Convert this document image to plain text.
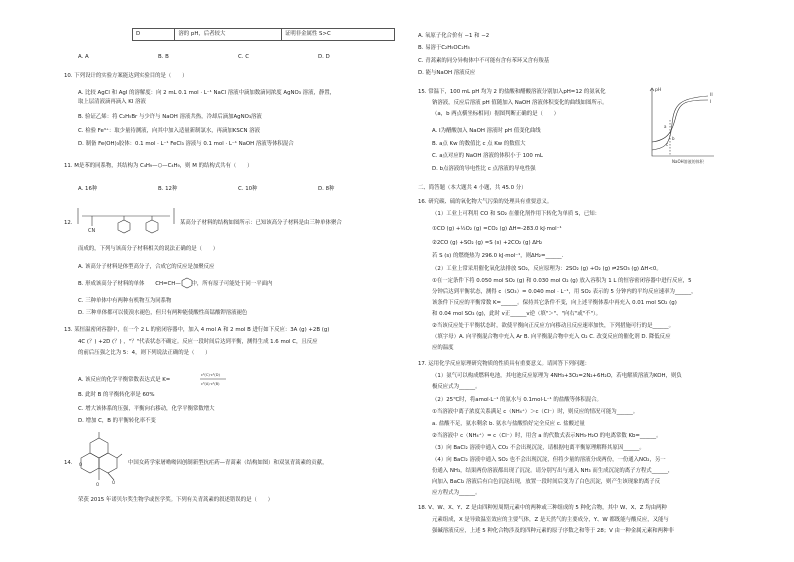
D	溶的 pH，后者较大	证明非金属性 S>C
A. A	B. B	C. C	D. D
10. 下列设计的实验方案能达到实验目的是（　　）
A. 比较 AgCl 和 AgI 的溶解度：向 2 mL 0.1 mol · L⁻¹ NaCl 溶液中滴加数滴同浓度 AgNO₃ 溶液，静置，
取上层清液滴再滴入 KI 溶液
B. 验证乙烯：将 C₂H₅Br 与少许与 NaOH 溶液共热，冷却后滴加AgNO₃溶液
C. 检验 Fe³⁺：取少量待测液，向其中加入适量新制氯水，再滴加KSCN 溶液
D. 制备 Fe(OH)₃胶体：0.1 mol · L⁻¹ FeCl₃ 溶液与 0.1 mol · L⁻¹ NaOH 溶液等体积混合
11. M是苯的同系物，其结构为 C₄H₉—⬡—C₄H₉，则 M 的结构式共有（　　）
A. 16种	B. 12种	C. 10种	D. 8种
12.
CN
某高分子材料的结构如图所示：已知该高分子材料是由三种单体聚合
而成的，下列与该高分子材料相关的说法正确的是（　　）
A. 该高分子材料是体型高分子，合成它的反应是加聚反应
B. 形成该高分子材料的单体　　CH=CH—　　中，所有原子可能处于同一平面内
C. 三种单体中有两种有机物互为同系物
D. 三种单体都可以使溴水褪色，但只有两种能使酸性高锰酸钾溶液褪色
13. 某恒温密闭容器中，在一个 2 L 的密闭容器中，加入 4 mol A 和 2 mol B 进行如下反应：3A (g) +2B (g)
4C (？) +2D (？) ，"？"代表状态不确定。反应一段时间后达到平衡，测得生成 1.6 mol C，且反应
的前后压强之比为 5：4，则下列说法正确的是（　　）
A. 该反应的化学平衡常数表达式是 K=
c⁴(C)·c²(D)
c³(A)·c²(B)
B. 此时 B 的平衡转化率是 60%
C. 增大该体系的压强，平衡向右移动，化学平衡常数增大
D. 增加 C，B 的平衡转化率不变
14. O
O	O
中国女药学家屠呦呦因创制新型抗疟药—青蒿素（结构如图）和双氢青蒿素的贡献，
荣获 2015 年诺贝尔奖生物学或医学奖。下列有关青蒿素的叙述错误的是（　　）
A. 氧原子化合价有 −1 和 −2
B. 易溶于C₂H₅OC₂H₅
C. 青蒿素的同分异构体中不可能有含有苯环又含有羧基
D. 能与NaOH 溶液反应
15. 常温下，100 mL pH 均为 2 的盐酸和醋酸溶液分别加入pH=12 的氨氧化
钠溶液，反应后溶液 pH 值随加入 NaOH 溶液体积变化的曲线如图所示。
（a，b 两点横坐标相同）据图判断正确的是（　　）
A. Ⅰ为醋酸加入 NaOH 溶液时 pH 值变化曲线
B. a点 Kw 的数值比 c 点 Kw 的数值大
C. a点对应的 NaOH 溶液的体积小于 100 mL
D. b点溶液的导电性比 c 点溶液的导电性强
pH
II
I
a
b
c
NaOH溶液的体积
二、简答题（本大题共 4 小题，共 45.0 分）
16. 研究碳、硫的氧化物大气污染的处理具有重要意义。
（1）工业上可利用 CO 和 SO₂ 在催化剂作用下转化为单质 S，已知：
①CO (g) +½O₂ (g) =CO₂ (g) ΔH=-283.0 kJ·mol⁻¹
②2CO (g) +SO₂ (g) =S (s) +2CO₂ (g) ΔH₂
若 S (s) 的燃烧热为 296.0 kJ·mol⁻¹，则ΔH₂=______.
（2）工业上常采用催化氧化法排放 SO₂，反应原理为：2SO₂ (g) +O₂ (g) ⇌2SO₃ (g) ΔH<0。
①在一定条件下将 0.050 mol SO₂ (g) 和 0.030 mol O₂ (g) 放入容积为 1 L 的恒容密闭容器中进行反应，5
分钟后达到平衡状态，测得 c（SO₃）= 0.040 mol · L⁻¹，用 SO₂ 表示的 5 分钟内的平均反应速率为______，
该条件下反应的平衡常数 K=______。保持其它条件不变，向上述平衡体系中再充入 0.01 mol SO₂ (g)
和 0.04 mol SO₃ (g)，此时 v正______v逆（填"＞"、"向右"或"不"）。
②当该反应处于平衡状态时，欲使平衡向正反应方向移动且反应速率加快，下列措施可行的是______。
（填字母）A. 向平衡混合物中充入 Ar B. 向平衡混合物中充入 O₂ C. 改变反应的催化剂 D. 降低反应
应的温度
17. 运用化学反应原理研究物质的性质具有重要意义。请回答下列问题：
（1）氨气可以构成燃料电池，其电池反应原理为 4NH₃+3O₂=2N₂+6H₂O，若电解质溶液为KOH，则负
极反应式为______。
（2）25℃时，将amol·L⁻¹ 的氨水与 0.1mol·L⁻¹ 的盐酸等体积混合。
①当溶液中离子浓度关系满足 c（NH₄⁺）＞c（Cl⁻）时，则反应的情况可能为______。
a. 盐酸不足，氨水剩余 b. 氨水与盐酸恰好完全反应 c. 盐酸过量
②当溶液中 c（NH₄⁺）= c（Cl⁻）时，用含 a 的代数式表示NH₃·H₂O 的电离常数 Kb=______。
（3）向 BaCl₂ 溶液中通入 CO₂ 不会出现沉淀，请根据电离平衡原理解释其原因______。
（4）向 BaCl₂ 溶液中通入 SO₂ 也不会出现沉淀，但将少量的溶液分成两份，一份通入NO₂，另一
份通入 NH₃，结果两份溶液都出现了沉淀。请分别写出与通入 NH₃ 而生成沉淀的离子方程式______，
向加入 BaCl₂ 溶液后有白色沉淀出现，放置一段时间后变为了白色沉淀，则产生该现象的离子反
应方程式为______。
18. V、W、X、Y、Z 是由四种短周期元素中的两种或三种组成的 5 种化合物，其中 W、X、Z 均由两种
元素组成，X 是导致温室效应的主要气体，Z 是天然气的主要成分，Y、W 都既能与酸反应，又能与
强碱溶液反应，上述 5 种化合物涉及的四种元素的原子序数之和等于 28；V 由一种金属元素和两种非
